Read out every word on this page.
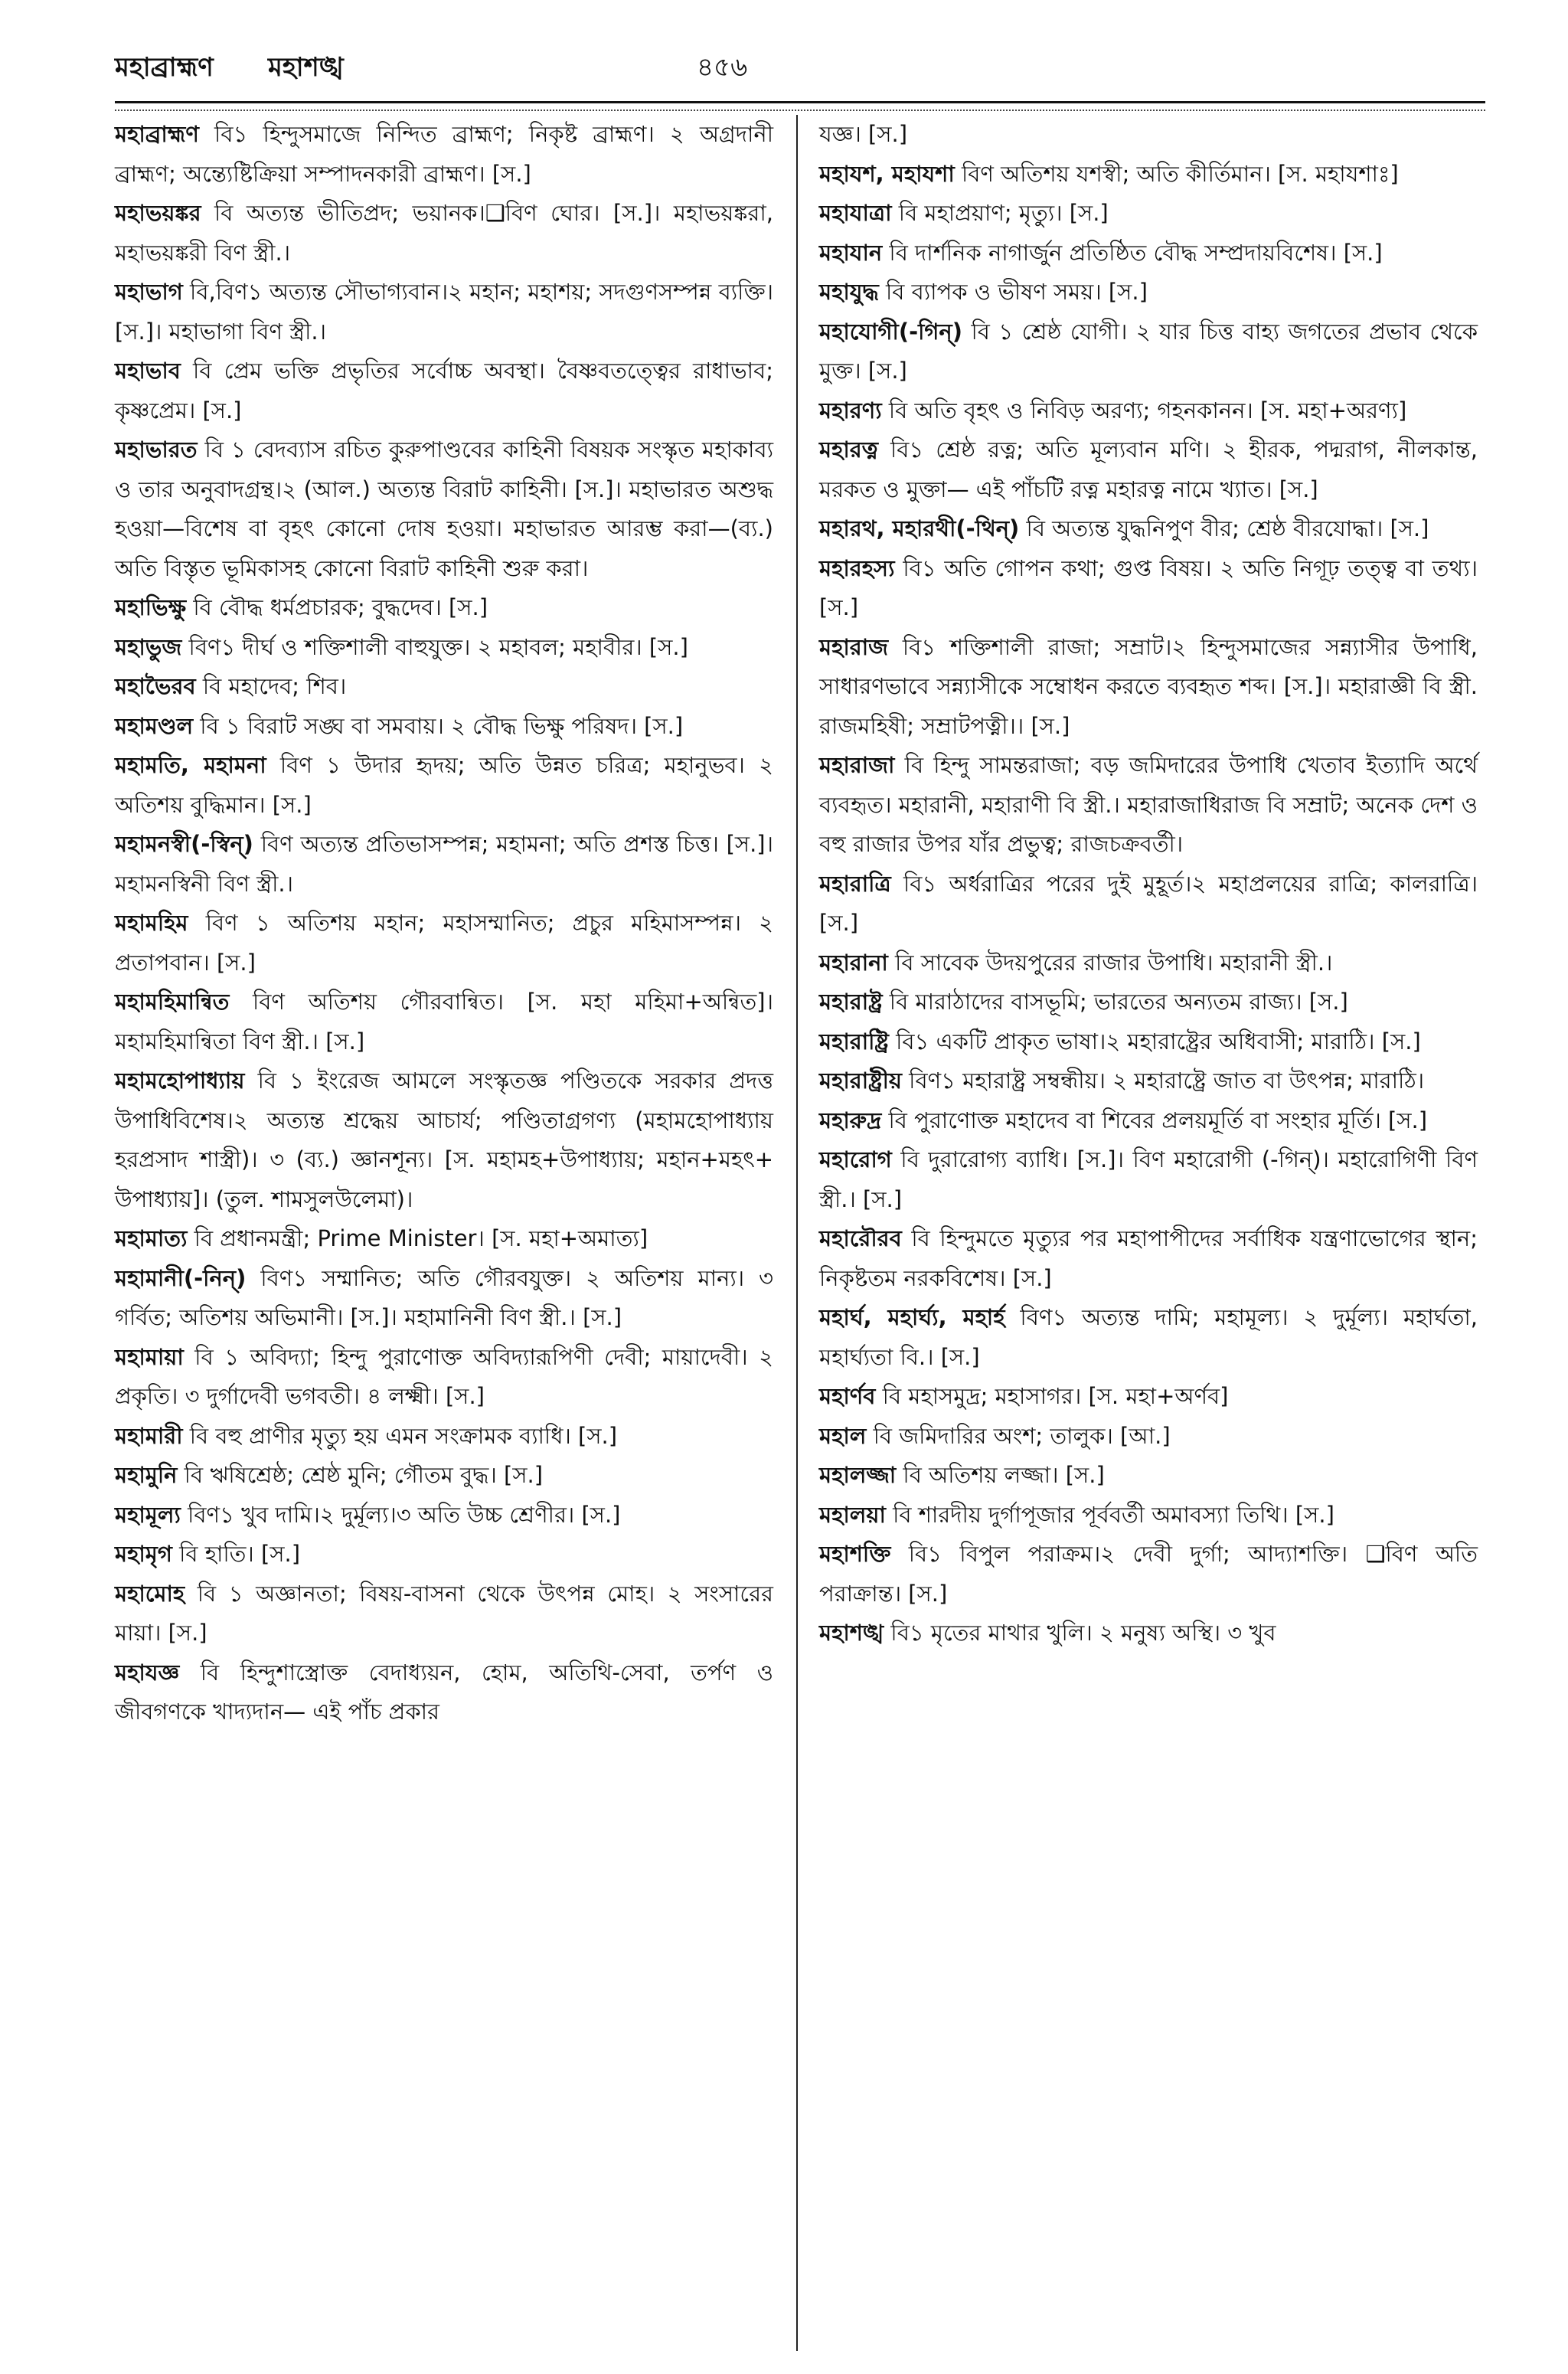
মহাব্রাহ্মণ মহাশঙ্খ	৪৫৬

মহাব্রাহ্মণ বি১ হিন্দুসমাজে নিন্দিত ব্রাহ্মণ; নিকৃষ্ট ব্রাহ্মণ। ২ অগ্রদানী ব্রাহ্মণ; অন্ত্যেষ্টিক্রিয়া সম্পাদনকারী ব্রাহ্মণ। [স.]

মহাভয়ঙ্কর বি অত্যন্ত ভীতিপ্রদ; ভয়ানক।❑বিণ ঘোর। [স.]। মহাভয়ঙ্করা, মহাভয়ঙ্করী বিণ স্ত্রী.।

মহাভাগ বি,বিণ১ অত্যন্ত সৌভাগ্যবান।২ মহান; মহাশয়; সদগুণসম্পন্ন ব্যক্তি। [স.]। মহাভাগা বিণ স্ত্রী.।

মহাভাব বি প্রেম ভক্তি প্রভৃতির সর্বোচ্চ অবস্থা। বৈষ্ণবতত্ত্বের রাধাভাব; কৃষ্ণপ্রেম। [স.]

মহাভারত বি ১ বেদব্যাস রচিত কুরুপাণ্ডবের কাহিনী বিষয়ক সংস্কৃত মহাকাব্য ও তার অনুবাদগ্রন্থ।২ (আল.) অত্যন্ত বিরাট কাহিনী। [স.]। মহাভারত অশুদ্ধ হওয়া—বিশেষ বা বৃহৎ কোনো দোষ হওয়া। মহাভারত আরম্ভ করা—(ব্য.) অতি বিস্তৃত ভূমিকাসহ কোনো বিরাট কাহিনী শুরু করা।

মহাভিক্ষু বি বৌদ্ধ ধর্মপ্রচারক; বুদ্ধদেব। [স.]

মহাভুজ বিণ১ দীর্ঘ ও শক্তিশালী বাহুযুক্ত। ২ মহাবল; মহাবীর। [স.]

মহাভৈরব বি মহাদেব; শিব।

মহামণ্ডল বি ১ বিরাট সঙ্ঘ বা সমবায়। ২ বৌদ্ধ ভিক্ষু পরিষদ। [স.]

মহামতি, মহামনা বিণ ১ উদার হৃদয়; অতি উন্নত চরিত্র; মহানুভব। ২ অতিশয় বুদ্ধিমান। [স.]

মহামনস্বী(-স্বিন্) বিণ অত্যন্ত প্রতিভাসম্পন্ন; মহামনা; অতি প্রশস্ত চিত্ত। [স.]। মহামনস্বিনী বিণ স্ত্রী.।

মহামহিম বিণ ১ অতিশয় মহান; মহাসম্মানিত; প্রচুর মহিমাসম্পন্ন। ২ প্রতাপবান। [স.]

মহামহিমান্বিত বিণ অতিশয় গৌরবান্বিত। [স. মহা মহিমা+অন্বিত]। মহামহিমান্বিতা বিণ স্ত্রী.। [স.]

মহামহোপাধ্যায় বি ১ ইংরেজ আমলে সংস্কৃতজ্ঞ পণ্ডিতকে সরকার প্রদত্ত উপাধিবিশেষ।২ অত্যন্ত শ্রদ্ধেয় আচার্য; পণ্ডিতাগ্রগণ্য (মহামহোপাধ্যায় হরপ্রসাদ শাস্ত্রী)। ৩ (ব্য.) জ্ঞানশূন্য। [স. মহামহ+উপাধ্যায়; মহান+মহৎ+ উপাধ্যায়]। (তুল. শামসুলউলেমা)।

মহামাত্য বি প্রধানমন্ত্রী; Prime Minister। [স. মহা+অমাত্য]

মহামানী(-নিন্) বিণ১ সম্মানিত; অতি গৌরবযুক্ত। ২ অতিশয় মান্য। ৩ গর্বিত; অতিশয় অভিমানী। [স.]। মহামানিনী বিণ স্ত্রী.। [স.]

মহামায়া বি ১ অবিদ্যা; হিন্দু পুরাণোক্ত অবিদ্যারূপিণী দেবী; মায়াদেবী। ২ প্রকৃতি। ৩ দুর্গাদেবী ভগবতী। ৪ লক্ষ্মী। [স.]

মহামারী বি বহু প্রাণীর মৃত্যু হয় এমন সংক্রামক ব্যাধি। [স.]

মহামুনি বি ঋষিশ্রেষ্ঠ; শ্রেষ্ঠ মুনি; গৌতম বুদ্ধ। [স.]

মহামূল্য বিণ১ খুব দামি।২ দুর্মূল্য।৩ অতি উচ্চ শ্রেণীর। [স.]

মহামৃগ বি হাতি। [স.]

মহামোহ বি ১ অজ্ঞানতা; বিষয়-বাসনা থেকে উৎপন্ন মোহ। ২ সংসারের মায়া। [স.]

মহাযজ্ঞ বি হিন্দুশাস্ত্রোক্ত বেদাধ্যয়ন, হোম, অতিথি-সেবা, তর্পণ ও জীবগণকে খাদ্যদান— এই পাঁচ প্রকার

যজ্ঞ। [স.]

মহাযশ, মহাযশা বিণ অতিশয় যশস্বী; অতি কীর্তিমান। [স. মহাযশাঃ]

মহাযাত্রা বি মহাপ্রয়াণ; মৃত্যু। [স.]

মহাযান বি দার্শনিক নাগার্জুন প্রতিষ্ঠিত বৌদ্ধ সম্প্রদায়বিশেষ। [স.]

মহাযুদ্ধ বি ব্যাপক ও ভীষণ সময়। [স.]

মহাযোগী(-গিন্) বি ১ শ্রেষ্ঠ যোগী। ২ যার চিত্ত বাহ্য জগতের প্রভাব থেকে মুক্ত। [স.]

মহারণ্য বি অতি বৃহৎ ও নিবিড় অরণ্য; গহনকানন। [স. মহা+অরণ্য]

মহারত্ন বি১ শ্রেষ্ঠ রত্ন; অতি মূল্যবান মণি। ২ হীরক, পদ্মরাগ, নীলকান্ত, মরকত ও মুক্তা— এই পাঁচটি রত্ন মহারত্ন নামে খ্যাত। [স.]

মহারথ, মহারথী(-থিন্) বি অত্যন্ত যুদ্ধনিপুণ বীর; শ্রেষ্ঠ বীরযোদ্ধা। [স.]

মহারহস্য বি১ অতি গোপন কথা; গুপ্ত বিষয়। ২ অতি নিগূঢ় তত্ত্ব বা তথ্য। [স.]

মহারাজ বি১ শক্তিশালী রাজা; সম্রাট।২ হিন্দুসমাজের সন্ন্যাসীর উপাধি, সাধারণভাবে সন্ন্যাসীকে সম্বোধন করতে ব্যবহৃত শব্দ। [স.]। মহারাজ্ঞী বি স্ত্রী. রাজমহিষী; সম্রাটপত্নী।। [স.]

মহারাজা বি হিন্দু সামন্তরাজা; বড় জমিদারের উপাধি খেতাব ইত্যাদি অর্থে ব্যবহৃত। মহারানী, মহারাণী বি স্ত্রী.। মহারাজাধিরাজ বি সম্রাট; অনেক দেশ ও বহু রাজার উপর যাঁর প্রভুত্ব; রাজচক্রবর্তী।

মহারাত্রি বি১ অর্ধরাত্রির পরের দুই মুহূর্ত।২ মহাপ্রলয়ের রাত্রি; কালরাত্রি। [স.]

মহারানা বি সাবেক উদয়পুরের রাজার উপাধি। মহারানী স্ত্রী.।

মহারাষ্ট্র বি মারাঠাদের বাসভূমি; ভারতের অন্যতম রাজ্য। [স.]

মহারাষ্ট্রি বি১ একটি প্রাকৃত ভাষা।২ মহারাষ্ট্রের অধিবাসী; মারাঠি। [স.]

মহারাষ্ট্রীয় বিণ১ মহারাষ্ট্র সম্বন্ধীয়। ২ মহারাষ্ট্রে জাত বা উৎপন্ন; মারাঠি।

মহারুদ্র বি পুরাণোক্ত মহাদেব বা শিবের প্রলয়মূর্তি বা সংহার মূর্তি। [স.]

মহারোগ বি দুরারোগ্য ব্যাধি। [স.]। বিণ মহারোগী (-গিন্)। মহারোগিণী বিণ স্ত্রী.। [স.]

মহারৌরব বি হিন্দুমতে মৃত্যুর পর মহাপাপীদের সর্বাধিক যন্ত্রণাভোগের স্থান; নিকৃষ্টতম নরকবিশেষ। [স.]

মহার্ঘ, মহার্ঘ্য, মহার্হ বিণ১ অত্যন্ত দামি; মহামূল্য। ২ দুর্মূল্য। মহার্ঘতা, মহার্ঘ্যতা বি.। [স.]

মহার্ণব বি মহাসমুদ্র; মহাসাগর। [স. মহা+অর্ণব]

মহাল বি জমিদারির অংশ; তালুক। [আ.]

মহালজ্জা বি অতিশয় লজ্জা। [স.]

মহালয়া বি শারদীয় দুর্গাপূজার পূর্ববর্তী অমাবস্যা তিথি। [স.]

মহাশক্তি বি১ বিপুল পরাক্রম।২ দেবী দুর্গা; আদ্যাশক্তি। ❑বিণ অতি পরাক্রান্ত। [স.]

মহাশঙ্খ বি১ মৃতের মাথার খুলি। ২ মনুষ্য অস্থি। ৩ খুব
